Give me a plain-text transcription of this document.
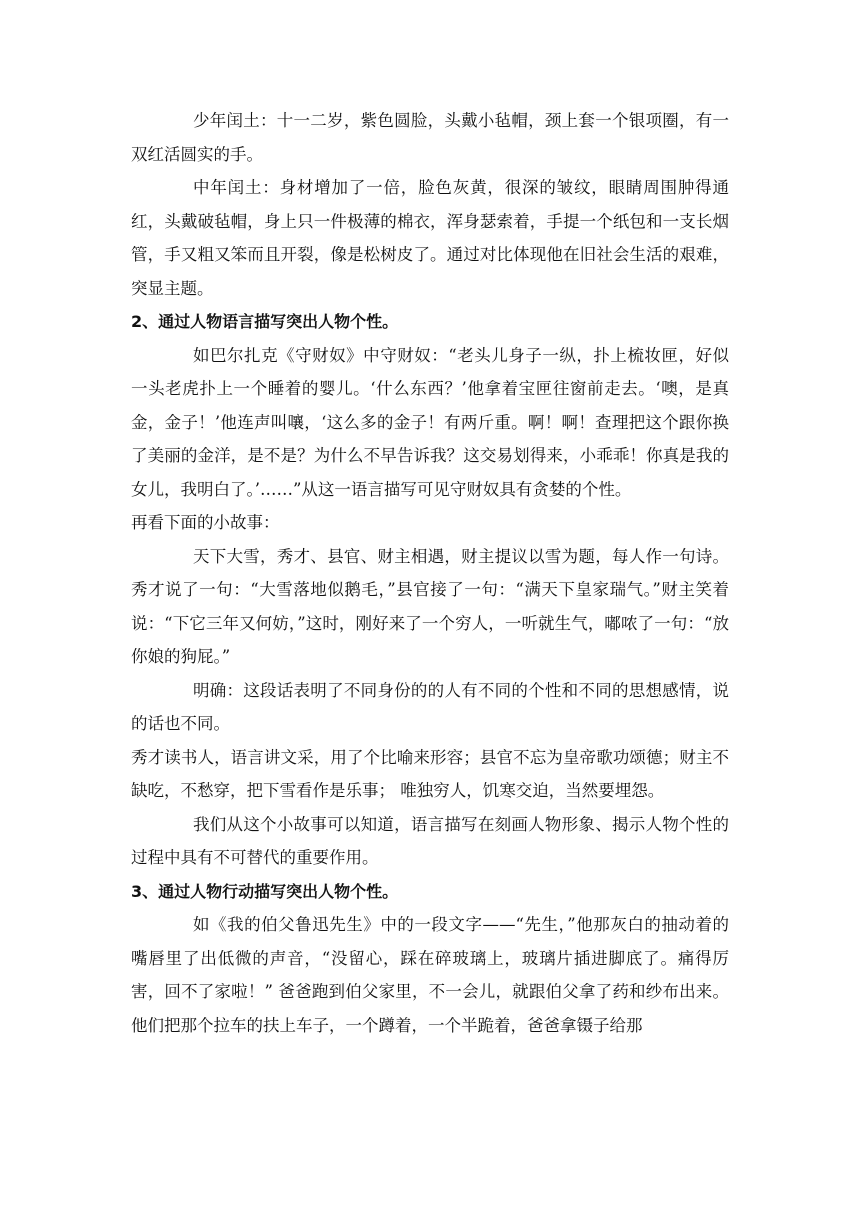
少年闰土：十一二岁，紫色圆脸，头戴小毡帽，颈上套一个银项圈，有一双红活圆实的手。

中年闰土：身材增加了一倍，脸色灰黄，很深的皱纹，眼睛周围肿得通红，头戴破毡帽，身上只一件极薄的棉衣，浑身瑟索着，手提一个纸包和一支长烟管，手又粗又笨而且开裂，像是松树皮了。通过对比体现他在旧社会生活的艰难，突显主题。

2、通过人物语言描写突出人物个性。

如巴尔扎克《守财奴》中守财奴：“老头儿身子一纵，扑上梳妆匣，好似一头老虎扑上一个睡着的婴儿。‘什么东西？’他拿着宝匣往窗前走去。‘噢，是真金，金子！’他连声叫嚷，‘这么多的金子！有两斤重。啊！啊！查理把这个跟你换了美丽的金洋，是不是？为什么不早告诉我？这交易划得来，小乖乖！你真是我的女儿，我明白了。’……”从这一语言描写可见守财奴具有贪婪的个性。

再看下面的小故事：

天下大雪，秀才、县官、财主相遇，财主提议以雪为题，每人作一句诗。秀才说了一句：“大雪落地似鹅毛，”县官接了一句：“满天下皇家瑞气。”财主笑着说：“下它三年又何妨，”这时，刚好来了一个穷人，一听就生气，嘟哝了一句：“放你娘的狗屁。”

明确：这段话表明了不同身份的的人有不同的个性和不同的思想感情，说的话也不同。

秀才读书人，语言讲文采，用了个比喻来形容；县官不忘为皇帝歌功颂德；财主不缺吃，不愁穿，把下雪看作是乐事； 唯独穷人，饥寒交迫，当然要埋怨。

我们从这个小故事可以知道，语言描写在刻画人物形象、揭示人物个性的过程中具有不可替代的重要作用。

3、通过人物行动描写突出人物个性。

如《我的伯父鲁迅先生》中的一段文字——“先生，”他那灰白的抽动着的嘴唇里了出低微的声音，“没留心，踩在碎玻璃上，玻璃片插进脚底了。痛得厉害，回不了家啦！” 爸爸跑到伯父家里，不一会儿，就跟伯父拿了药和纱布出来。他们把那个拉车的扶上车子，一个蹲着，一个半跪着，爸爸拿镊子给那
